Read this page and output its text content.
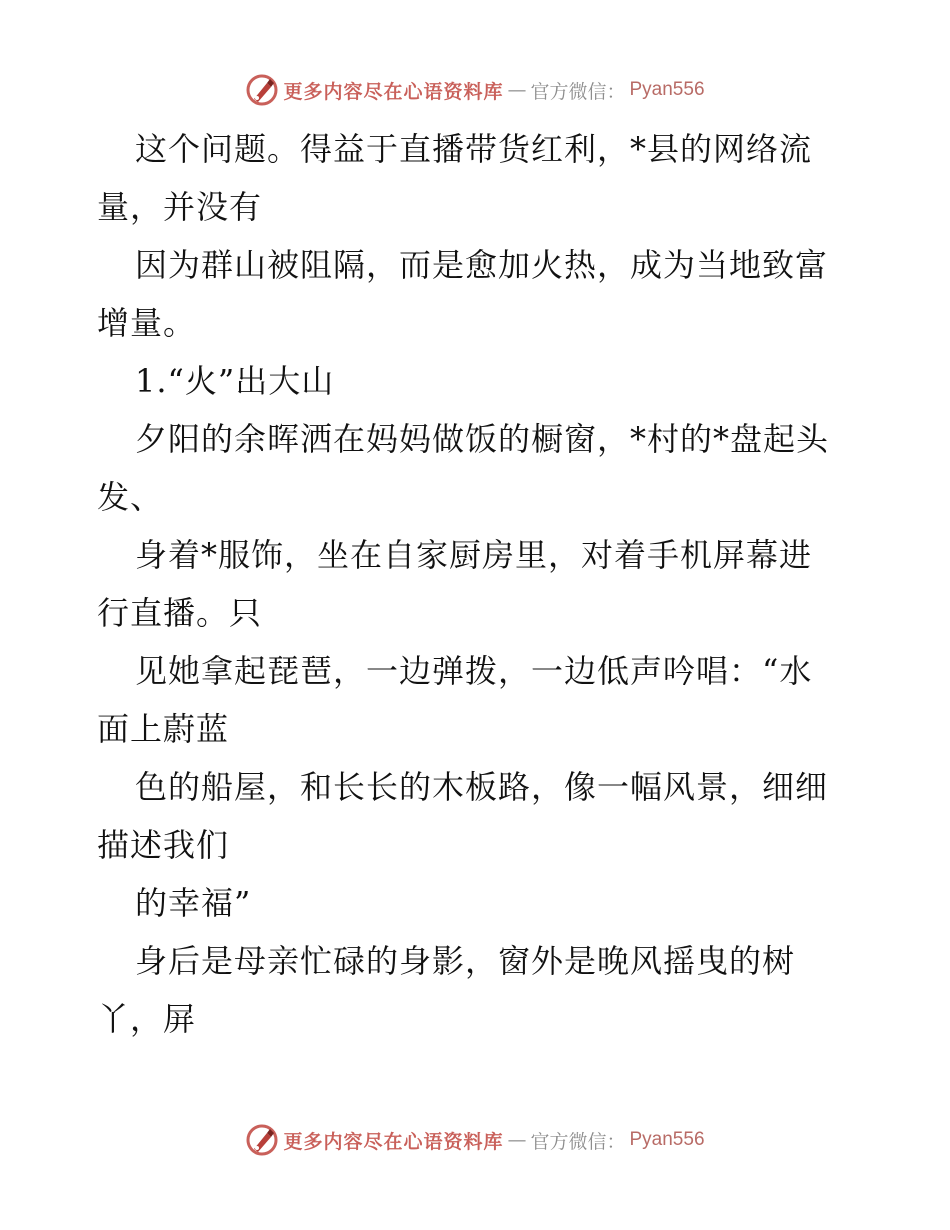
更多内容尽在心语资料库 — 官方微信： Pyan556
这个问题。得益于直播带货红利，*县的网络流
量，并没有
因为群山被阻隔，而是愈加火热，成为当地致富
增量。
1.“火”出大山
夕阳的余晖洒在妈妈做饭的橱窗，*村的*盘起头
发、
身着*服饰，坐在自家厨房里，对着手机屏幕进
行直播。只
见她拿起琵琶，一边弹拨，一边低声吟唱：“水
面上蔚蓝
色的船屋，和长长的木板路，像一幅风景，细细
描述我们
的幸福”
身后是母亲忙碌的身影，窗外是晚风摇曳的树
丫，屏
更多内容尽在心语资料库 — 官方微信： Pyan556
